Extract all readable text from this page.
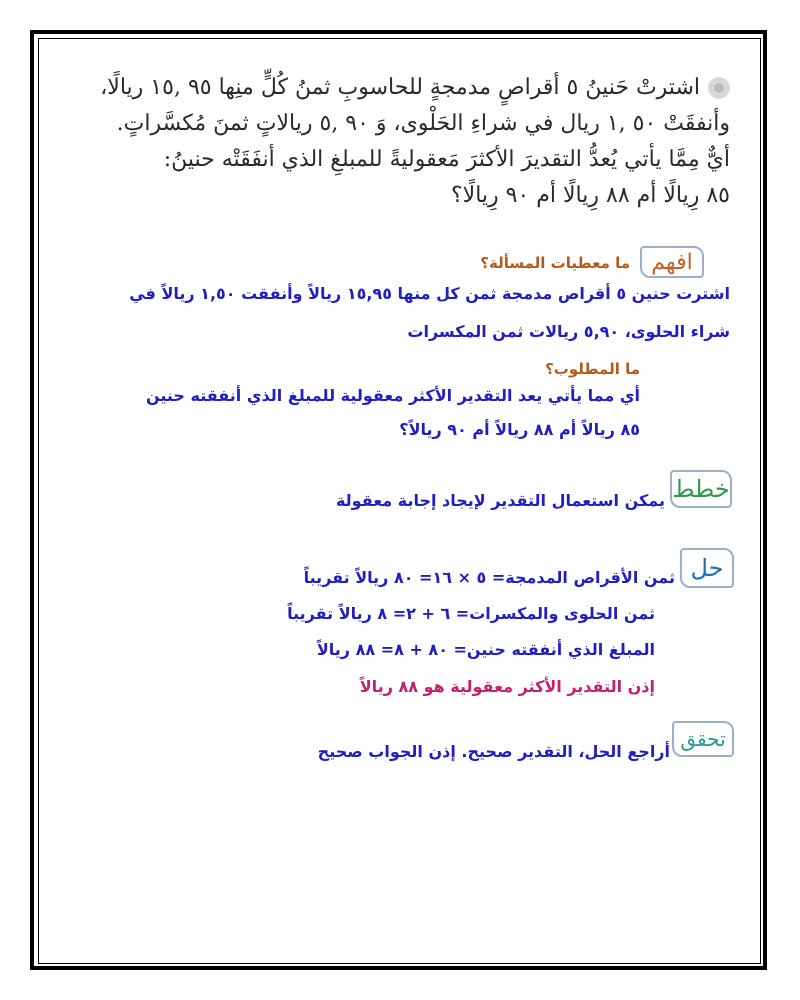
اشترتْ حَنينُ ٥ أقراصٍ مدمجةٍ للحاسوبِ ثمنُ كُلٍّ منِها ٩٥ ,١٥ ريالًا،
وأنفقَتْ ٥٠ ,١ ريال في شراءِ الحَلْوى، وَ ٩٠ ,٥ ريالاتٍ ثمنَ مُكسَّراتٍ.
أيٌّ مِمَّا يأتي يُعدُّ التقديرَ الأكثرَ مَعقوليةً للمبلغِ الذي أنفَقَتْه حنينُ:
٨٥ رِيالًا أم ٨٨ رِيالًا أم ٩٠ رِيالًا؟
افهم
ما معطيات المسألة؟
اشترت حنين ٥ أقراص مدمجة ثمن كل منها ١٥,٩٥ ريالاً وأنفقت ١,٥٠ ريالاً في
شراء الحلوى، ٥,٩٠ ريالات ثمن المكسرات
ما المطلوب؟
أي مما يأتي يعد التقدير الأكثر معقولية للمبلغ الذي أنفقته حنين
٨٥ ريالاً أم ٨٨ ريالاً أم ٩٠ ريالاً؟
خطط
يمكن استعمال التقدير لإيجاد إجابة معقولة
حل
ثمن الأقراص المدمجة= ٥ × ١٦= ٨٠ ريالاً تقريباً
ثمن الحلوى والمكسرات= ٦ + ٢= ٨ ريالاً تقريباً
المبلغ الذي أنفقته حنين= ٨٠ + ٨= ٨٨ ريالاً
إذن التقدير الأكثر معقولية هو ٨٨ ريالاً
تحقق
أراجع الحل، التقدير صحيح. إذن الجواب صحيح
